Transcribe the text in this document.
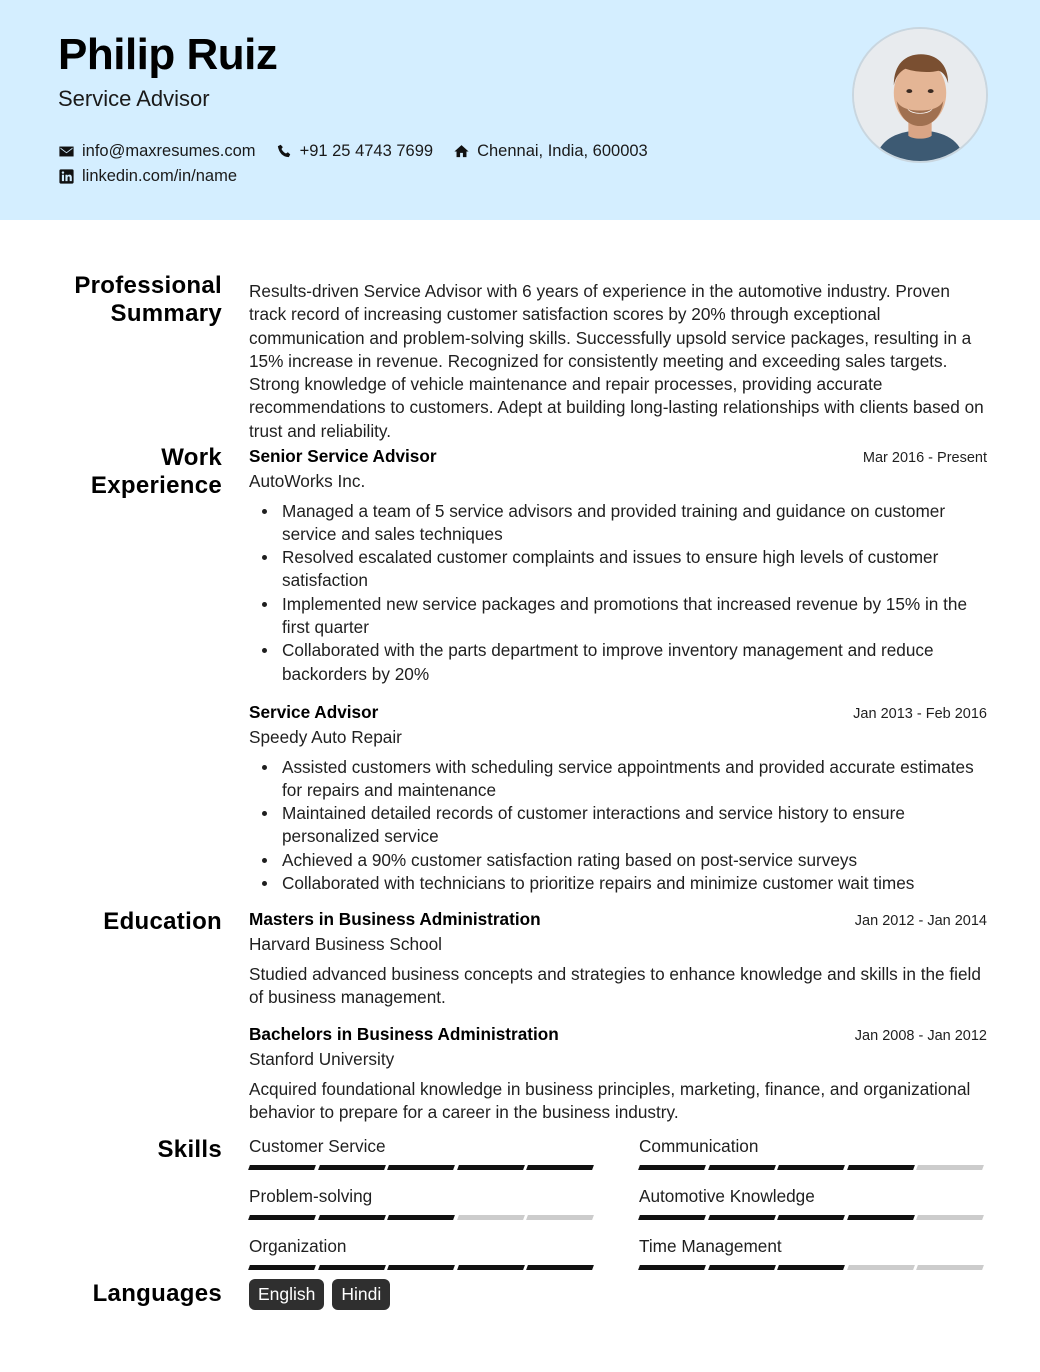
Philip Ruiz
Service Advisor
info@maxresumes.com	+91 25 4743 7699	Chennai, India, 600003
linkedin.com/in/name
Professional Summary
Results-driven Service Advisor with 6 years of experience in the automotive industry. Proven track record of increasing customer satisfaction scores by 20% through exceptional communication and problem-solving skills. Successfully upsold service packages, resulting in a 15% increase in revenue. Recognized for consistently meeting and exceeding sales targets. Strong knowledge of vehicle maintenance and repair processes, providing accurate recommendations to customers. Adept at building long-lasting relationships with clients based on trust and reliability.
Work Experience
Senior Service Advisor	Mar 2016 - Present
AutoWorks Inc.
Managed a team of 5 service advisors and provided training and guidance on customer service and sales techniques
Resolved escalated customer complaints and issues to ensure high levels of customer satisfaction
Implemented new service packages and promotions that increased revenue by 15% in the first quarter
Collaborated with the parts department to improve inventory management and reduce backorders by 20%
Service Advisor	Jan 2013 - Feb 2016
Speedy Auto Repair
Assisted customers with scheduling service appointments and provided accurate estimates for repairs and maintenance
Maintained detailed records of customer interactions and service history to ensure personalized service
Achieved a 90% customer satisfaction rating based on post-service surveys
Collaborated with technicians to prioritize repairs and minimize customer wait times
Education Masters in Business Administration	Jan 2012 - Jan 2014
Harvard Business School
Studied advanced business concepts and strategies to enhance knowledge and skills in the field of business management.
Bachelors in Business Administration	Jan 2008 - Jan 2012
Stanford University
Acquired foundational knowledge in business principles, marketing, finance, and organizational behavior to prepare for a career in the business industry.
Skills Customer Service	Communication
Problem-solving	Automotive Knowledge
Organization	Time Management
Languages	English	Hindi
